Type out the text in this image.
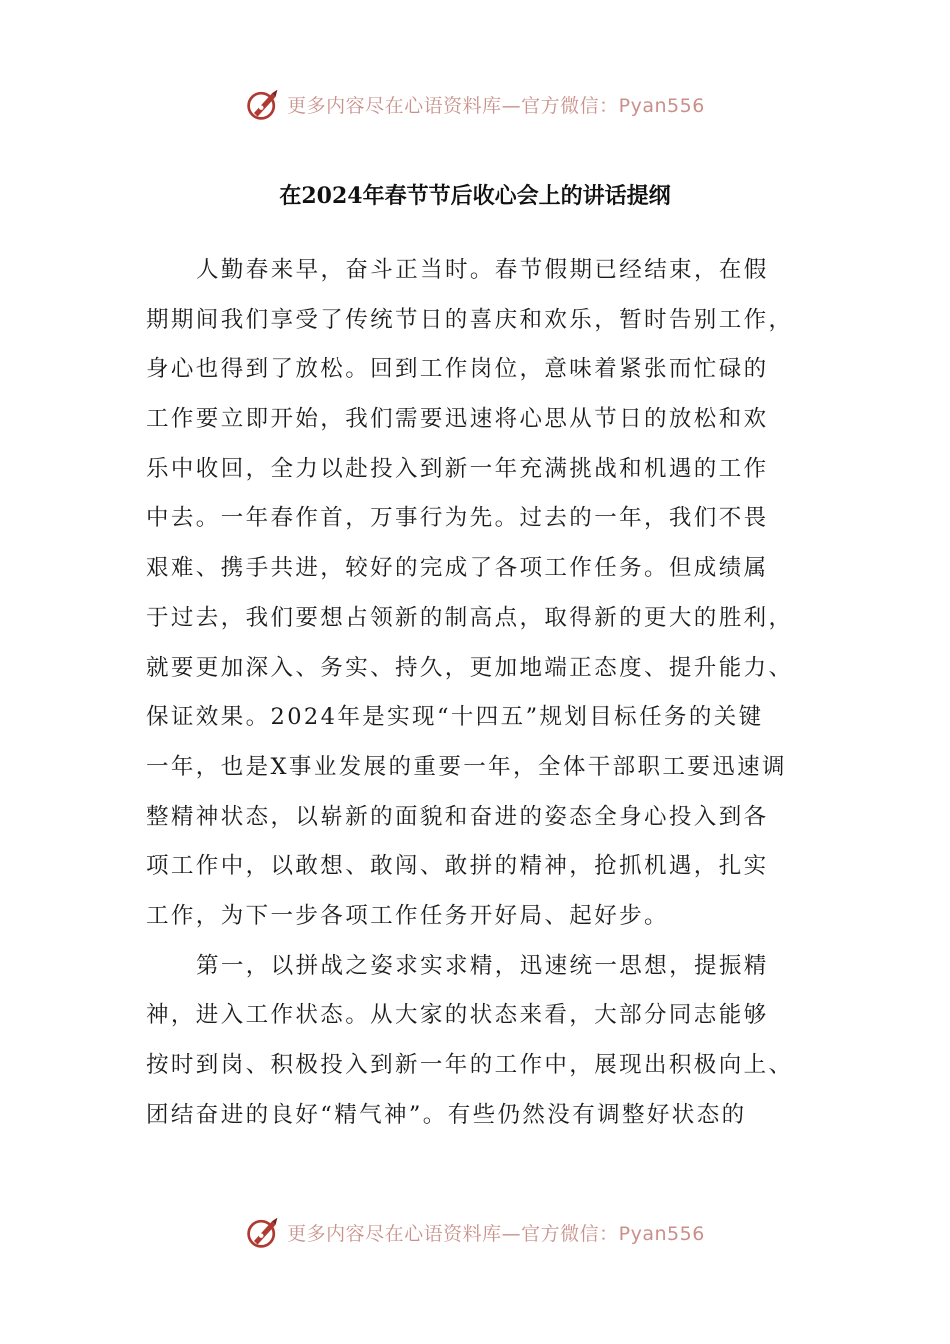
更多内容尽在心语资料库—官方微信：Pyan556
在2024年春节节后收心会上的讲话提纲
人勤春来早，奋斗正当时。春节假期已经结束，在假
期期间我们享受了传统节日的喜庆和欢乐，暂时告别工作，
身心也得到了放松。回到工作岗位，意味着紧张而忙碌的
工作要立即开始，我们需要迅速将心思从节日的放松和欢
乐中收回，全力以赴投入到新一年充满挑战和机遇的工作
中去。一年春作首，万事行为先。过去的一年，我们不畏
艰难、携手共进，较好的完成了各项工作任务。但成绩属
于过去，我们要想占领新的制高点，取得新的更大的胜利，
就要更加深入、务实、持久，更加地端正态度、提升能力、
保证效果。2024年是实现“十四五”规划目标任务的关键
一年，也是X事业发展的重要一年，全体干部职工要迅速调
整精神状态，以崭新的面貌和奋进的姿态全身心投入到各
项工作中，以敢想、敢闯、敢拼的精神，抢抓机遇，扎实
工作，为下一步各项工作任务开好局、起好步。
第一，以拼战之姿求实求精，迅速统一思想，提振精
神，进入工作状态。从大家的状态来看，大部分同志能够
按时到岗、积极投入到新一年的工作中，展现出积极向上、
团结奋进的良好“精气神”。有些仍然没有调整好状态的
更多内容尽在心语资料库—官方微信：Pyan556
